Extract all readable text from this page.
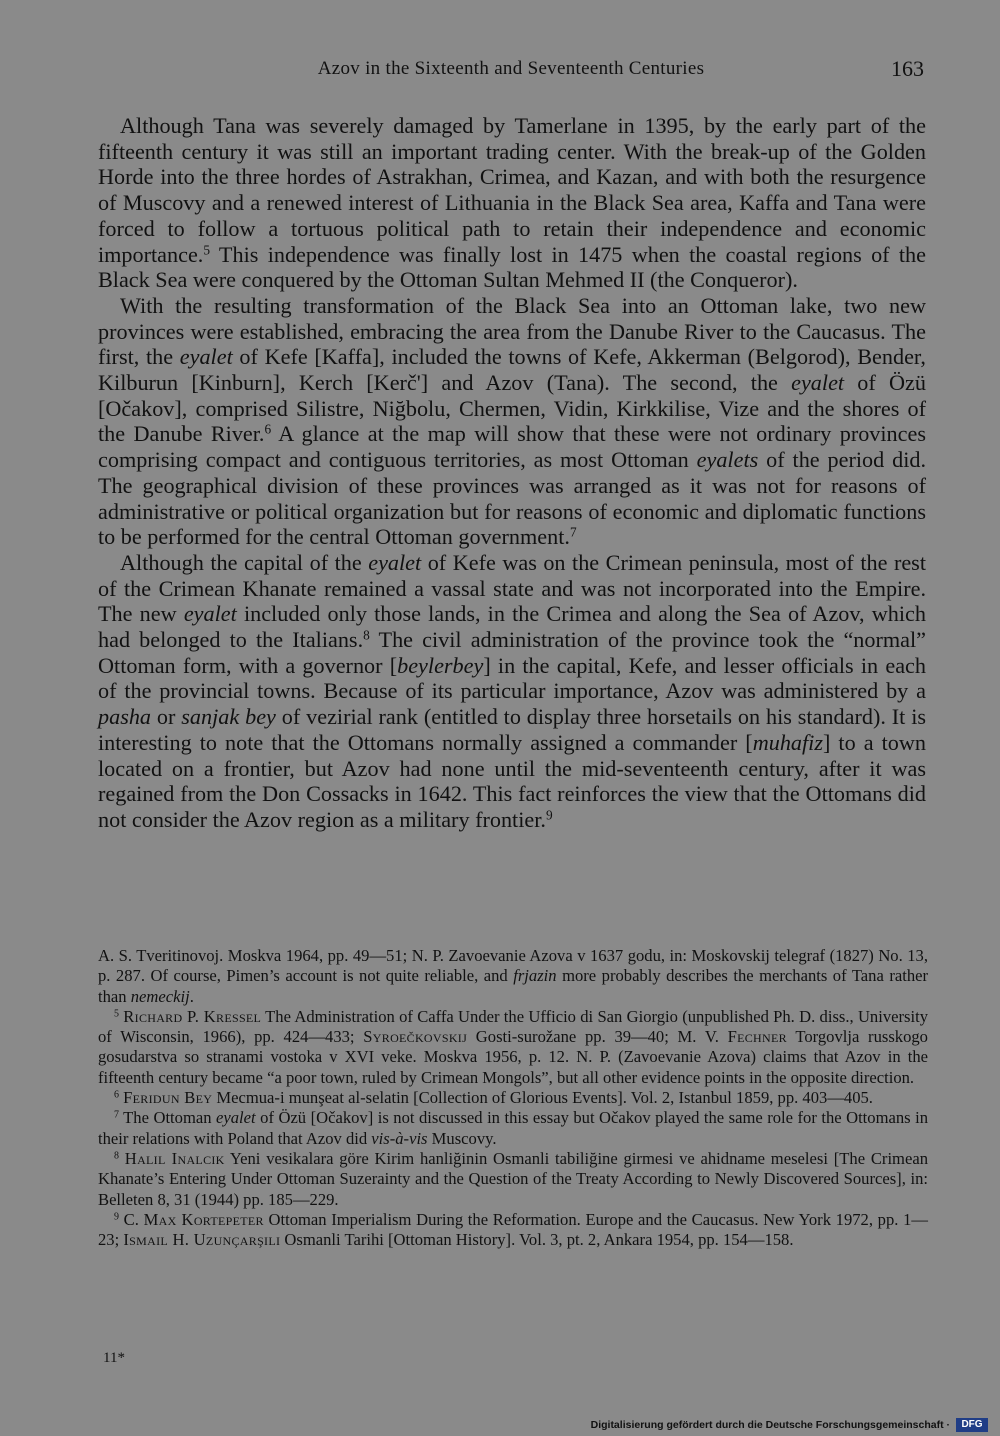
Azov in the Sixteenth and Seventeenth Centuries	163

Although Tana was severely damaged by Tamerlane in 1395, by the early part of the fifteenth century it was still an important trading center. With the break-up of the Golden Horde into the three hordes of Astrakhan, Crimea, and Kazan, and with both the resurgence of Muscovy and a renewed interest of Lithuania in the Black Sea area, Kaffa and Tana were forced to follow a tortuous political path to retain their independence and economic importance.$^5$ This independence was finally lost in 1475 when the coastal regions of the Black Sea were conquered by the Ottoman Sultan Mehmed II (the Conqueror).

With the resulting transformation of the Black Sea into an Ottoman lake, two new provinces were established, embracing the area from the Danube River to the Caucasus. The first, the eyalet of Kefe [Kaffa], included the towns of Kefe, Akkerman (Belgorod), Bender, Kilburun [Kinburn], Kerch [Kerč'] and Azov (Tana). The second, the eyalet of Özü [Očakov], comprised Silistre, Niğbolu, Chermen, Vidin, Kirkkilise, Vize and the shores of the Danube River.$^6$ A glance at the map will show that these were not ordinary provinces comprising compact and contiguous territories, as most Ottoman eyalets of the period did. The geographical division of these provinces was arranged as it was not for reasons of administrative or political organization but for reasons of economic and diplomatic functions to be performed for the central Ottoman government.$^7$

Although the capital of the eyalet of Kefe was on the Crimean peninsula, most of the rest of the Crimean Khanate remained a vassal state and was not incorporated into the Empire. The new eyalet included only those lands, in the Crimea and along the Sea of Azov, which had belonged to the Italians.$^8$ The civil administration of the province took the “normal” Ottoman form, with a governor [beylerbey] in the capital, Kefe, and lesser officials in each of the provincial towns. Because of its particular importance, Azov was administered by a pasha or sanjak bey of vezirial rank (entitled to display three horsetails on his standard). It is interesting to note that the Ottomans normally assigned a commander [muhafiz] to a town located on a frontier, but Azov had none until the mid-seventeenth century, after it was regained from the Don Cossacks in 1642. This fact reinforces the view that the Ottomans did not consider the Azov region as a military frontier.$^9$

A. S. Tveritinovoj. Moskva 1964, pp. 49—51; N. P. Zavoevanie Azova v 1637 godu, in: Moskovskij telegraf (1827) No. 13, p. 287. Of course, Pimen’s account is not quite reliable, and frjazin more probably describes the merchants of Tana rather than nemeckij.

$^5$ Richard P. Kressel The Administration of Caffa Under the Ufficio di San Giorgio (unpublished Ph. D. diss., University of Wisconsin, 1966), pp. 424—433; Syroečkovskij Gosti-surožane pp. 39—40; M. V. Fechner Torgovlja russkogo gosudarstva so stranami vostoka v XVI veke. Moskva 1956, p. 12. N. P. (Zavoevanie Azova) claims that Azov in the fifteenth century became “a poor town, ruled by Crimean Mongols”, but all other evidence points in the opposite direction.

$^6$ Feridun Bey Mecmua-i munşeat al-selatin [Collection of Glorious Events]. Vol. 2, Istanbul 1859, pp. 403—405.

$^7$ The Ottoman eyalet of Özü [Očakov] is not discussed in this essay but Očakov played the same role for the Ottomans in their relations with Poland that Azov did vis-à-vis Muscovy.

$^8$ Halil Inalcik Yeni vesikalara göre Kirim hanliğinin Osmanli tabiliğine girmesi ve ahidname meselesi [The Crimean Khanate’s Entering Under Ottoman Suzerainty and the Question of the Treaty According to Newly Discovered Sources], in: Belleten 8, 31 (1944) pp. 185—229.

$^9$ C. Max Kortepeter Ottoman Imperialism During the Reformation. Europe and the Caucasus. New York 1972, pp. 1—23; Ismail H. Uzunçarşili Osmanli Tarihi [Ottoman History]. Vol. 3, pt. 2, Ankara 1954, pp. 154—158.

11*
Digitalisierung gefördert durch die Deutsche Forschungsgemeinschaft ·	DFG
